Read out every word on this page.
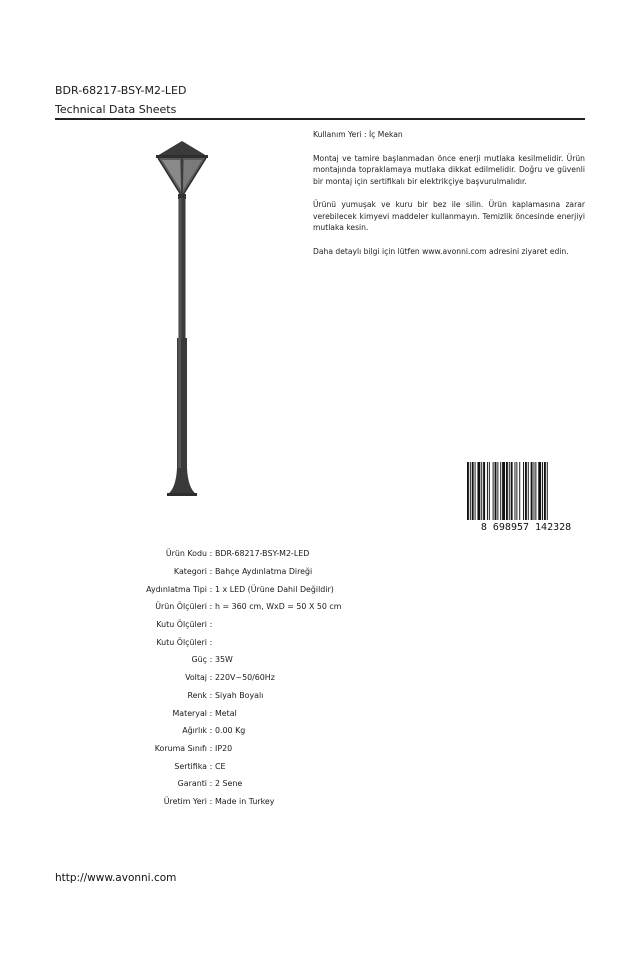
BDR-68217-BSY-M2-LED
Technical Data Sheets

Kullanım Yeri : İç Mekan

Montaj ve tamire başlanmadan önce enerji mutlaka kesilmelidir. Ürün montajında topraklamaya mutlaka dikkat edilmelidir. Doğru ve güvenli bir montaj için sertifikalı bir elektrikçiye başvurulmalıdır.

Ürünü yumuşak ve kuru bir bez ile silin. Ürün kaplamasına zarar verebilecek kimyevi maddeler kullanmayın. Temizlik öncesinde enerjiyi mutlaka kesin.

Daha detaylı bilgi için lütfen www.avonni.com adresini ziyaret edin.

8 698957 142328
Ürün Kodu : BDR-68217-BSY-M2-LED
Kategori : Bahçe Aydınlatma Direği
Aydınlatma Tipi : 1 x LED (Ürüne Dahil Değildir)
Ürün Ölçüleri : h = 360 cm, WxD = 50 X 50 cm
Kutu Ölçüleri :
Kutu Ölçüleri :
Güç : 35W
Voltaj : 220V~50/60Hz
Renk : Siyah Boyalı
Materyal : Metal
Ağırlık : 0.00 Kg
Koruma Sınıfı : IP20
Sertifika : CE
Garanti : 2 Sene
Üretim Yeri : Made in Turkey
http://www.avonni.com
